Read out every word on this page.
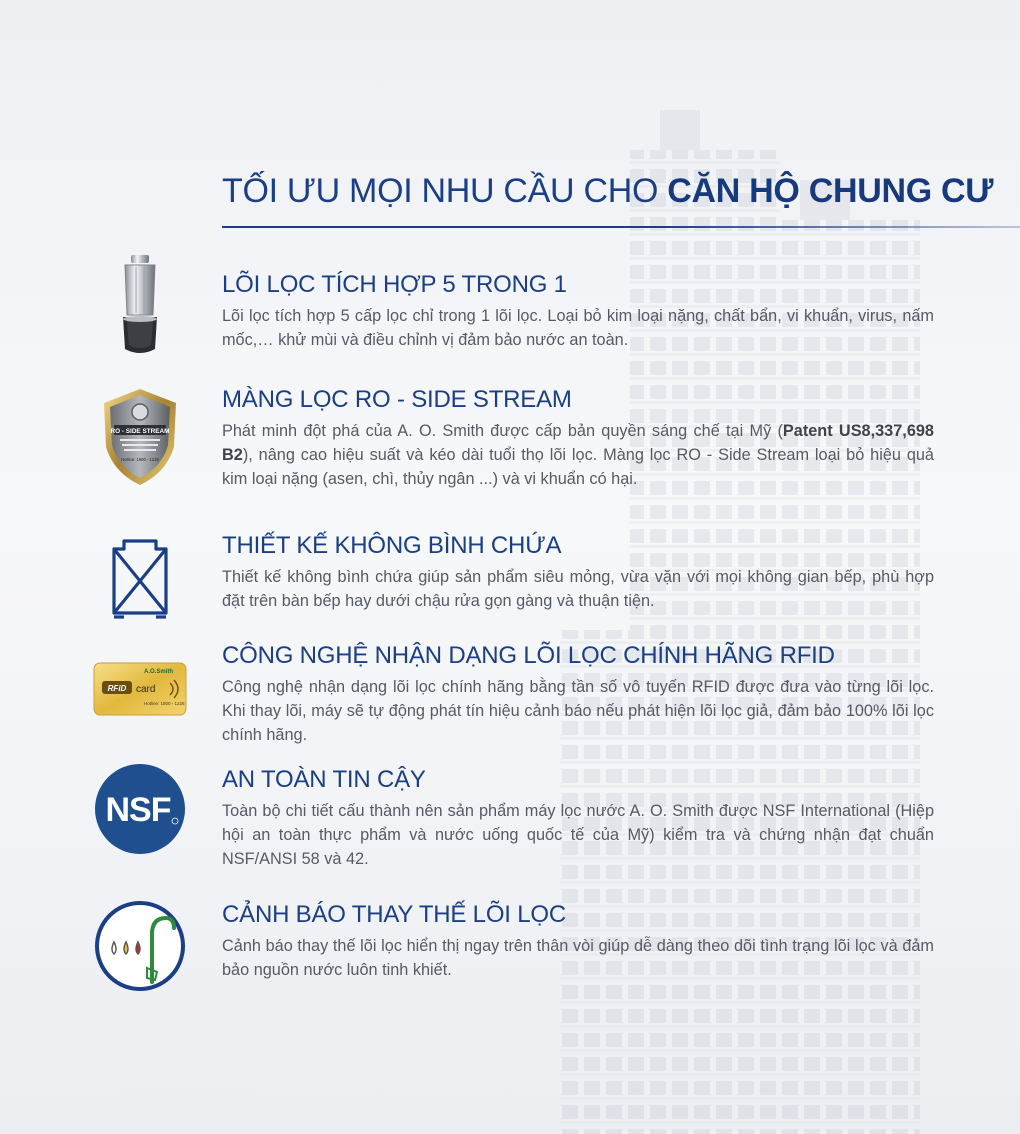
TỐI ƯU MỌI NHU CẦU CHO CĂN HỘ CHUNG CƯ
LÕI LỌC TÍCH HỢP 5 TRONG 1
Lõi lọc tích hợp 5 cấp lọc chỉ trong 1 lõi lọc. Loại bỏ kim loại nặng, chất bẩn, vi khuẩn, virus, nấm mốc,… khử mùi và điều chỉnh vị đảm bảo nước an toàn.
RO - SIDE STREAM
Hotline: 1800 - 1226
MÀNG LỌC RO - SIDE STREAM
Phát minh đột phá của A. O. Smith được cấp bản quyền sáng chế tại Mỹ (Patent US8,337,698 B2), nâng cao hiệu suất và kéo dài tuổi thọ lõi lọc. Màng lọc RO - Side Stream loại bỏ hiệu quả kim loại nặng (asen, chì, thủy ngân ...) và vi khuẩn có hại.
THIẾT KẾ KHÔNG BÌNH CHỨA
Thiết kế không bình chứa giúp sản phẩm siêu mỏng, vừa vặn với mọi không gian bếp, phù hợp đặt trên bàn bếp hay dưới chậu rửa gọn gàng và thuận tiện.
A.O.Smith
RFiD card
Hotline: 1800 - 1226
CÔNG NGHỆ NHẬN DẠNG LÕI LỌC CHÍNH HÃNG RFID
Công nghệ nhận dạng lõi lọc chính hãng bằng tần số vô tuyến RFID được đưa vào từng lõi lọc. Khi thay lõi, máy sẽ tự động phát tín hiệu cảnh báo nếu phát hiện lõi lọc giả, đảm bảo 100% lõi lọc chính hãng.
NSF
AN TOÀN TIN CẬY
Toàn bộ chi tiết cấu thành nên sản phẩm máy lọc nước A. O. Smith được NSF International (Hiệp hội an toàn thực phẩm và nước uống quốc tế của Mỹ) kiểm tra và chứng nhận đạt chuẩn NSF/ANSI 58 và 42.
CẢNH BÁO THAY THẾ LÕI LỌC
Cảnh báo thay thế lõi lọc hiển thị ngay trên thân vòi giúp dễ dàng theo dõi tình trạng lõi lọc và đảm bảo nguồn nước luôn tinh khiết.
